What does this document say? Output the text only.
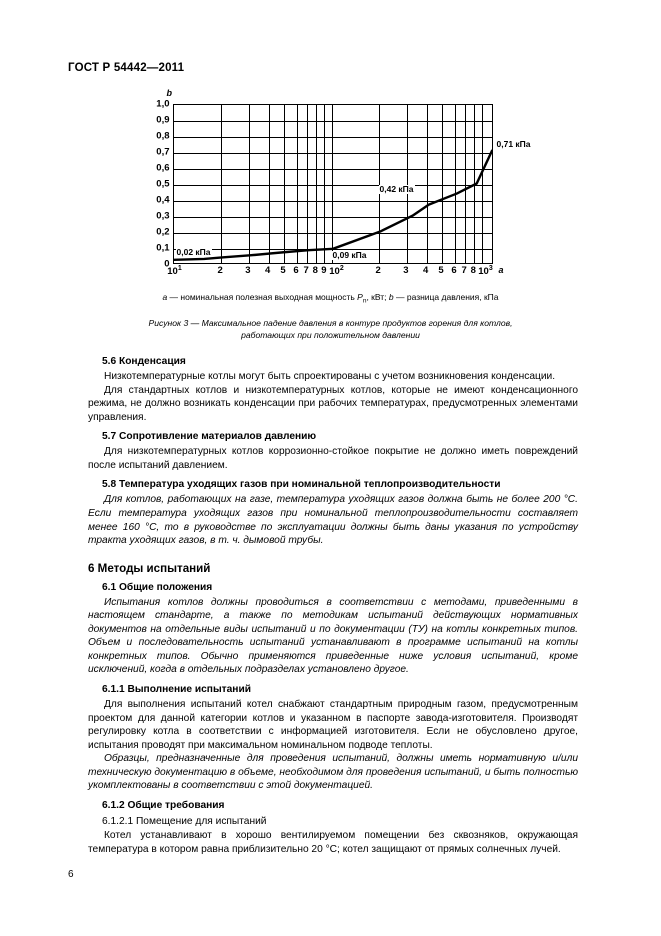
ГОСТ Р 54442—2011
b
1,0
0,9
0,8
0,7
0,6
0,5
0,4
0,3
0,2
0,1
0
0,02 кПа	0,09 кПа
0,42 кПа
0,71 кПа
$10^1$	2 3 4 5 6 7 8 9 $10^2$	2 3 4 5 6 7 8 $10^3$ a
а — номинальная полезная выходная мощность $P_n$, кВт; b — разница давления, кПа
Рисунок 3 — Максимальное падение давления в контуре продуктов горения для котлов,
работающих при положительном давлении
5.6 Конденсация

Низкотемпературные котлы могут быть спроектированы с учетом возникновения конденсации.

Для стандартных котлов и низкотемпературных котлов, которые не имеют конденсационного режима, не должно возникать конденсации при рабочих температурах, предусмотренных элементами управления.

5.7 Сопротивление материалов давлению

Для низкотемпературных котлов коррозионно-стойкое покрытие не должно иметь повреждений после испытаний давлением.

5.8 Температура уходящих газов при номинальной теплопроизводительности

Для котлов, работающих на газе, температура уходящих газов должна быть не более 200 °С. Если температура уходящих газов при номинальной теплопроизводительности составляет менее 160 °С, то в руководстве по эксплуатации должны быть даны указания по устройству тракта уходящих газов, в т. ч. дымовой трубы.

6 Методы испытаний
6.1 Общие положения

Испытания котлов должны проводиться в соответствии с методами, приведенными в настоящем стандарте, а также по методикам испытаний действующих нормативных документов на отдельные виды испытаний и по документации (ТУ) на котлы конкретных типов. Объем и последовательность испытаний устанавливают в программе испытаний на котлы конкретных типов. Обычно применяются приведенные ниже условия испытаний, кроме исключений, когда в отдельных подразделах установлено другое.

6.1.1 Выполнение испытаний

Для выполнения испытаний котел снабжают стандартным природным газом, предусмотренным проектом для данной категории котлов и указанном в паспорте завода-изготовителя. Производят регулировку котла в соответствии с информацией изготовителя. Если не обусловлено другое, испытания проводят при максимальном номинальном подводе теплоты.

Образцы, предназначенные для проведения испытаний, должны иметь нормативную и/или техническую документацию в объеме, необходимом для проведения испытаний, и быть полностью укомплектованы в соответствии с этой документацией.

6.1.2 Общие требования
6.1.2.1 Помещение для испытаний

Котел устанавливают в хорошо вентилируемом помещении без сквозняков, окружающая температура в котором равна приблизительно 20 °С; котел защищают от прямых солнечных лучей.

6
